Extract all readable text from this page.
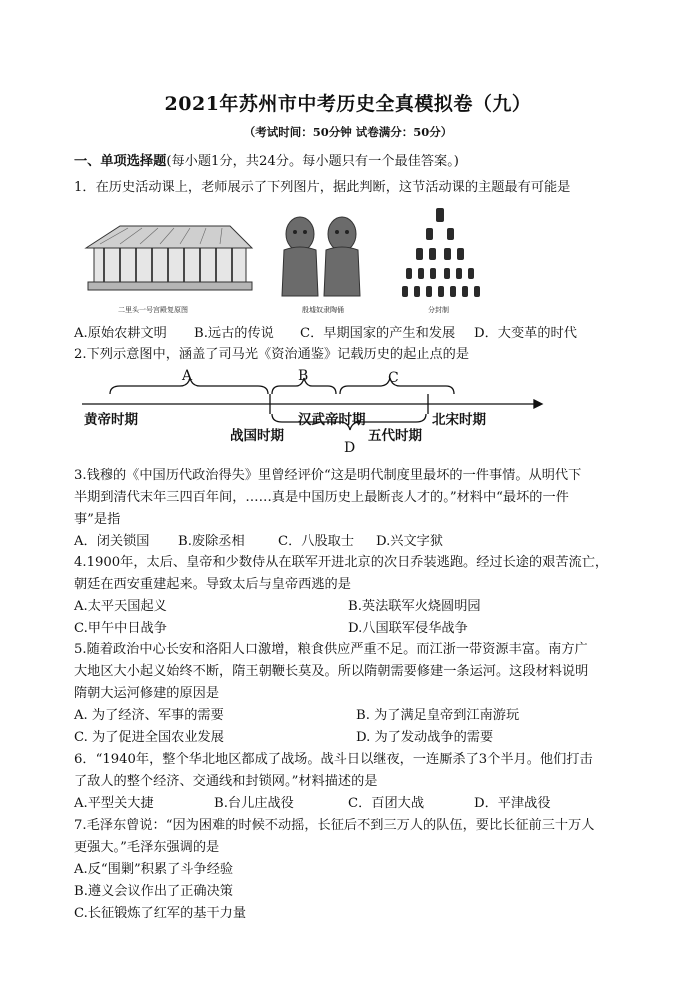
2021年苏州市中考历史全真模拟卷（九）
（考试时间：50分钟 试卷满分：50分）
一、单项选择题(每小题1分，共24分。每小题只有一个最佳答案。)
1．在历史活动课上，老师展示了下列图片，据此判断，这节活动课的主题最有可能是
二里头一号宫殿复原图	殷墟奴隶陶俑	分封制
A.原始农耕文明 B.远古的传说 C．早期国家的产生和发展 D．大变革的时代
2.下列示意图中，涵盖了司马光《资治通鉴》记载历史的起止点的是
A	B	C
D
黄帝时期	汉武帝时期	北宋时期
战国时期	五代时期
3.钱穆的《中国历代政治得失》里曾经评价“这是明代制度里最坏的一件事情。从明代下
半期到清代末年三四百年间，……真是中国历史上最断丧人才的。”材料中“最坏的一件
事”是指
A．闭关锁国 B.废除丞相	C．八股取士 D.兴文字狱
4.1900年，太后、皇帝和少数侍从在联军开进北京的次日乔装逃跑。经过长途的艰苦流亡，
朝廷在西安重建起来。导致太后与皇帝西逃的是
A.太平天国起义	B.英法联军火烧圆明园
C.甲午中日战争	D.八国联军侵华战争
5.随着政治中心长安和洛阳人口激增，粮食供应严重不足。而江浙一带资源丰富。南方广
大地区大小起义始终不断，隋王朝鞭长莫及。所以隋朝需要修建一条运河。这段材料说明
隋朝大运河修建的原因是
A. 为了经济、军事的需要	B. 为了满足皇帝到江南游玩
C. 为了促进全国农业发展	D. 为了发动战争的需要
6．“1940年，整个华北地区都成了战场。战斗日以继夜，一连厮杀了3个半月。他们打击
了敌人的整个经济、交通线和封锁网。”材料描述的是
A.平型关大捷	B.台儿庄战役	C．百团大战	D．平津战役
7.毛泽东曾说：“因为困难的时候不动摇，长征后不到三万人的队伍，要比长征前三十万人
更强大。”毛泽东强调的是
A.反“围剿”积累了斗争经验
B.遵义会议作出了正确决策
C.长征锻炼了红军的基干力量
